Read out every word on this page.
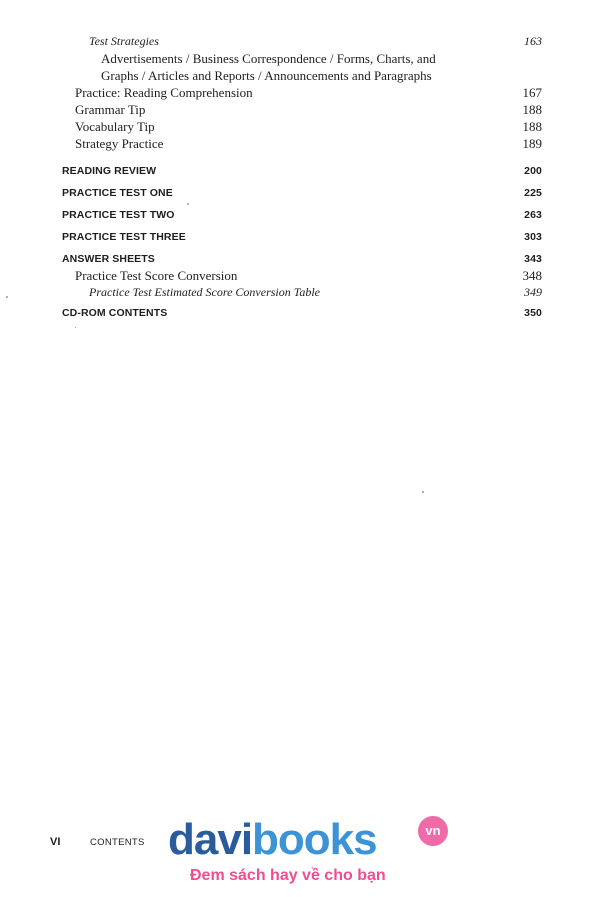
Test Strategies	163
Advertisements / Business Correspondence / Forms, Charts, and
Graphs / Articles and Reports / Announcements and Paragraphs
Practice: Reading Comprehension	167
Grammar Tip	188
Vocabulary Tip	188
Strategy Practice	189
READING REVIEW	200
PRACTICE TEST ONE	225
PRACTICE TEST TWO	263
PRACTICE TEST THREE	303
ANSWER SHEETS	343
Practice Test Score Conversion	348
Practice Test Estimated Score Conversion Table	349
CD-ROM CONTENTS	350
VI	CONTENTS davibooks	vn
Đem sách hay về cho bạn
